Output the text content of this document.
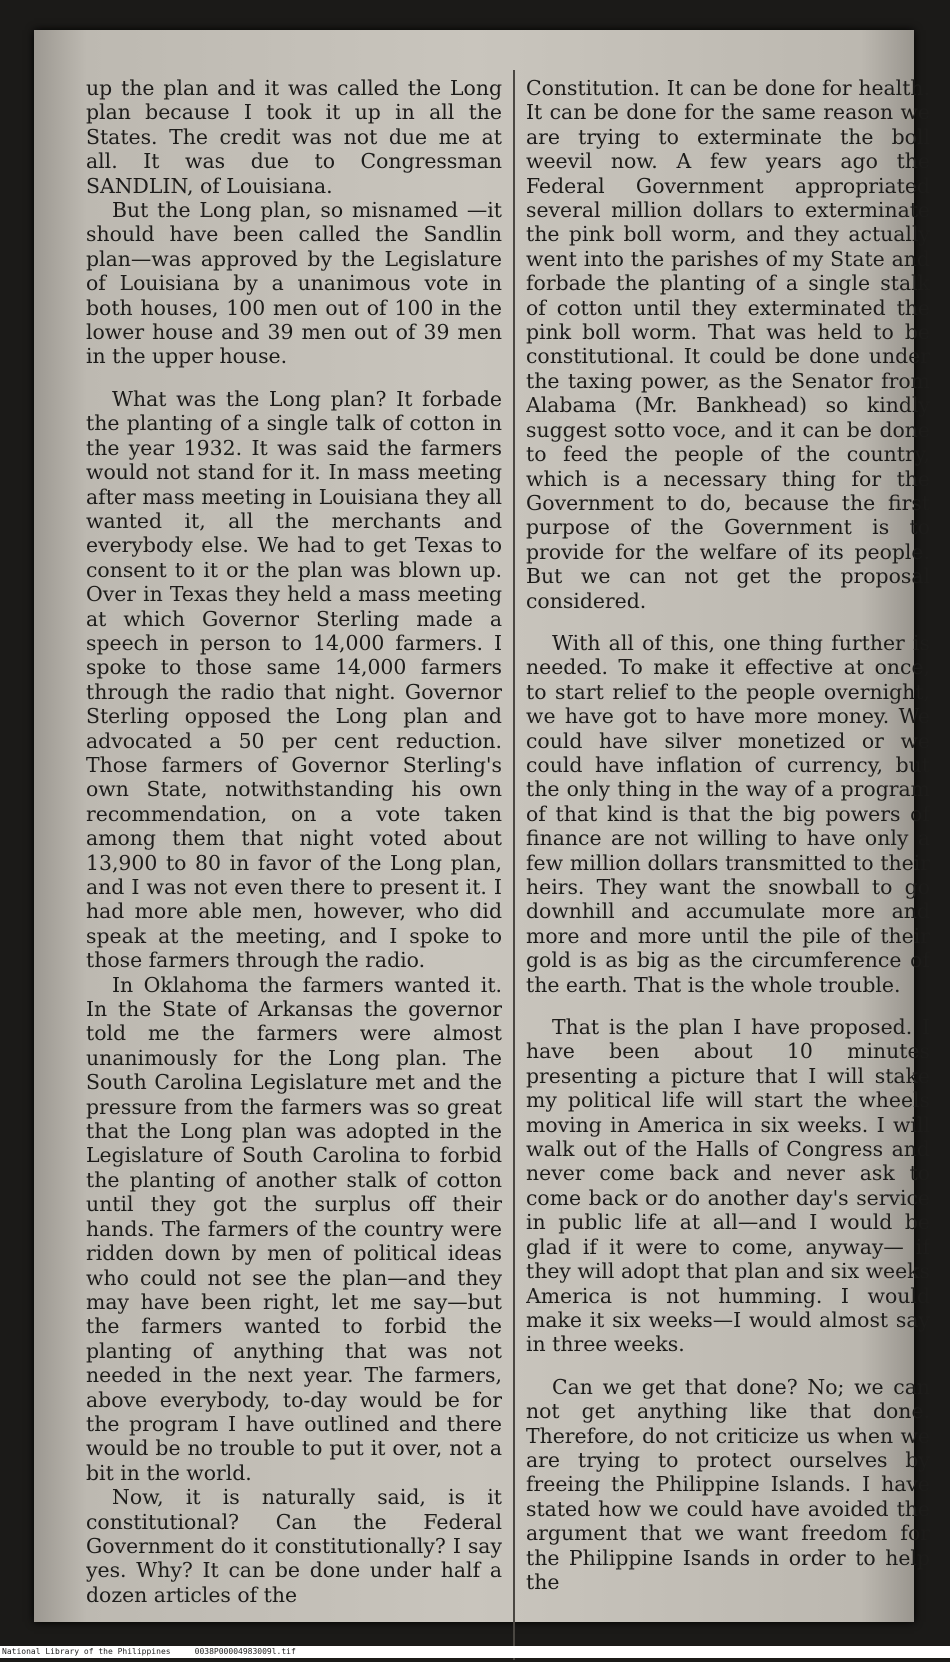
up the plan and it was called the Long plan because I took it up in all the States. The credit was not due me at all. It was due to Congressman SANDLIN, of Louisiana.

But the Long plan, so misnamed —it should have been called the Sandlin plan—was approved by the Legislature of Louisiana by a unanimous vote in both houses, 100 men out of 100 in the lower house and 39 men out of 39 men in the upper house.

What was the Long plan? It forbade the planting of a single talk of cotton in the year 1932. It was said the farmers would not stand for it. In mass meeting after mass meeting in Louisiana they all wanted it, all the merchants and everybody else. We had to get Texas to consent to it or the plan was blown up. Over in Texas they held a mass meeting at which Governor Sterling made a speech in person to 14,000 farmers. I spoke to those same 14,000 farmers through the radio that night. Governor Sterling opposed the Long plan and advocated a 50 per cent reduction. Those farmers of Governor Sterling's own State, notwithstanding his own recommendation, on a vote taken among them that night voted about 13,900 to 80 in favor of the Long plan, and I was not even there to present it. I had more able men, however, who did speak at the meeting, and I spoke to those farmers through the radio.

In Oklahoma the farmers wanted it. In the State of Arkansas the governor told me the farmers were almost unanimously for the Long plan. The South Carolina Legislature met and the pressure from the farmers was so great that the Long plan was adopted in the Legislature of South Carolina to forbid the planting of another stalk of cotton until they got the surplus off their hands. The farmers of the country were ridden down by men of political ideas who could not see the plan—and they may have been right, let me say—but the farmers wanted to forbid the planting of anything that was not needed in the next year. The farmers, above everybody, to-day would be for the program I have outlined and there would be no trouble to put it over, not a bit in the world.

Now, it is naturally said, is it constitutional? Can the Federal Government do it constitutionally? I say yes. Why? It can be done under half a dozen articles of the

Constitution. It can be done for health. It can be done for the same reason we are trying to exterminate the boll weevil now. A few years ago the Federal Government appropriated several million dollars to exterminate the pink boll worm, and they actually went into the parishes of my State and forbade the planting of a single stalk of cotton until they exterminated the pink boll worm. That was held to be constitutional. It could be done under the taxing power, as the Senator from Alabama (Mr. Bankhead) so kindly suggest sotto voce, and it can be done to feed the people of the country, which is a necessary thing for the Government to do, because the first purpose of the Government is to provide for the welfare of its people. But we can not get the proposal considered.

With all of this, one thing further is needed. To make it effective at once, to start relief to the people overnight, we have got to have more money. We could have silver monetized or we could have inflation of currency, but the only thing in the way of a program of that kind is that the big powers of finance are not willing to have only a few million dollars transmitted to their heirs. They want the snowball to go downhill and accumulate more and more and more until the pile of their gold is as big as the circumference of the earth. That is the whole trouble.

That is the plan I have proposed. I have been about 10 minutes presenting a picture that I will stake my political life will start the wheels moving in America in six weeks. I will walk out of the Halls of Congress and never come back and never ask to come back or do another day's service in public life at all—and I would be glad if it were to come, anyway— if they will adopt that plan and six weeks America is not humming. I would make it six weeks—I would almost say in three weeks.

Can we get that done? No; we can not get anything like that done. Therefore, do not criticize us when we are trying to protect ourselves by freeing the Philippine Islands. I have stated how we could have avoided the argument that we want freedom for the Philippine Isands in order to help the

National Library of the Philippines     0038P00004983009l.tif
